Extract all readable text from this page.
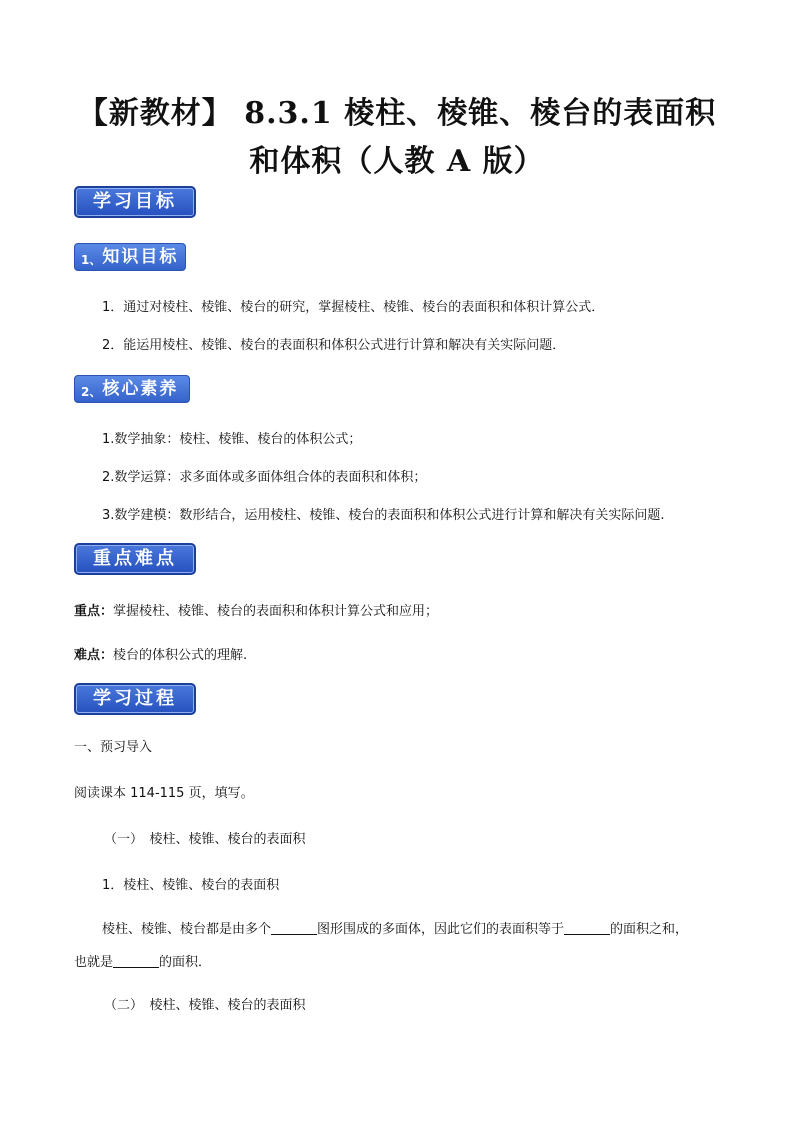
【新教材】 8.3.1 棱柱、棱锥、棱台的表面积
和体积（人教 A 版）
学习目标
1、知识目标
1．通过对棱柱、棱锥、棱台的研究，掌握棱柱、棱锥、棱台的表面积和体积计算公式．
2．能运用棱柱、棱锥、棱台的表面积和体积公式进行计算和解决有关实际问题．
2、核心素养
1.数学抽象：棱柱、棱锥、棱台的体积公式；
2.数学运算：求多面体或多面体组合体的表面积和体积；
3.数学建模：数形结合，运用棱柱、棱锥、棱台的表面积和体积公式进行计算和解决有关实际问题.
重点难点
重点：掌握棱柱、棱锥、棱台的表面积和体积计算公式和应用；
难点：棱台的体积公式的理解.
学习过程
一、预习导入
阅读课本 114-115 页，填写。
（一）　棱柱、棱锥、棱台的表面积
1．棱柱、棱锥、棱台的表面积
棱柱、棱锥、棱台都是由多个	图形围成的多面体，因此它们的表面积等于	的面积之和，
也就是	的面积．
（二）　棱柱、棱锥、棱台的表面积
